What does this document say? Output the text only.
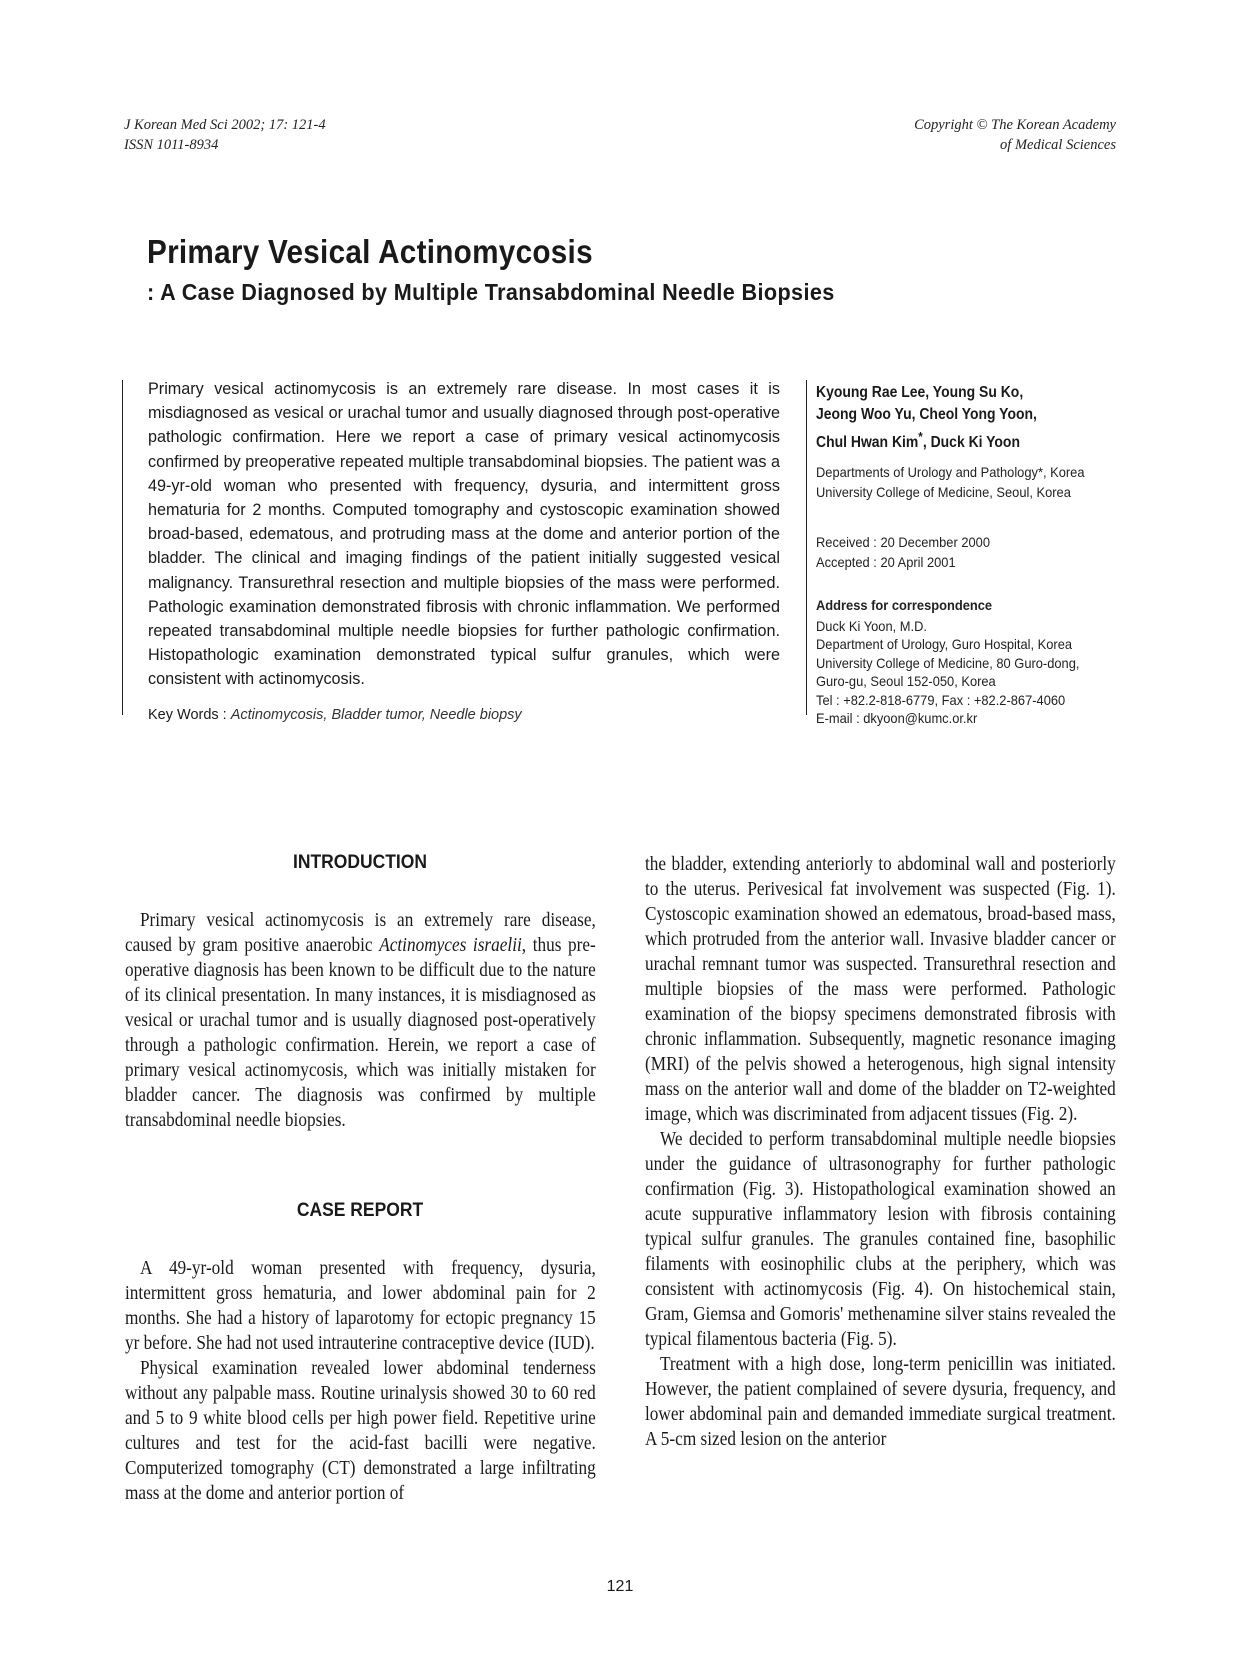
J Korean Med Sci 2002; 17: 121-4
ISSN 1011-8934
Copyright © The Korean Academy
of Medical Sciences
Primary Vesical Actinomycosis
: A Case Diagnosed by Multiple Transabdominal Needle Biopsies

Primary vesical actinomycosis is an extremely rare disease. In most cases it is misdiagnosed as vesical or urachal tumor and usually diagnosed through post-operative pathologic confirmation. Here we report a case of primary vesical actinomycosis confirmed by preoperative repeated multiple transabdominal biopsies. The patient was a 49-yr-old woman who presented with frequency, dysuria, and intermittent gross hematuria for 2 months. Computed tomography and cystoscopic examination showed broad-based, edematous, and protruding mass at the dome and anterior portion of the bladder. The clinical and imaging findings of the patient initially suggested vesical malignancy. Transurethral resection and multiple biopsies of the mass were performed. Pathologic examination demonstrated fibrosis with chronic inflammation. We performed repeated transabdominal multiple needle biopsies for further pathologic confirmation. Histopathologic examination demonstrated typical sulfur granules, which were consistent with actinomycosis.

Key Words : Actinomycosis, Bladder tumor, Needle biopsy
Kyoung Rae Lee, Young Su Ko,
Jeong Woo Yu, Cheol Yong Yoon,
Chul Hwan Kim*, Duck Ki Yoon
Departments of Urology and Pathology*, Korea
University College of Medicine, Seoul, Korea
Received : 20 December 2000
Accepted : 20 April 2001
Address for correspondence
Duck Ki Yoon, M.D.
Department of Urology, Guro Hospital, Korea
University College of Medicine, 80 Guro-dong,
Guro-gu, Seoul 152-050, Korea
Tel : +82.2-818-6779, Fax : +82.2-867-4060
E-mail : dkyoon@kumc.or.kr
INTRODUCTION

Primary vesical actinomycosis is an extremely rare disease, caused by gram positive anaerobic Actinomyces israelii, thus pre-operative diagnosis has been known to be difficult due to the nature of its clinical presentation. In many instances, it is misdiagnosed as vesical or urachal tumor and is usually diagnosed post-operatively through a pathologic confirmation. Herein, we report a case of primary vesical actinomycosis, which was initially mistaken for bladder cancer. The diagnosis was confirmed by multiple transabdominal needle biopsies.

CASE REPORT

A 49-yr-old woman presented with frequency, dysuria, intermittent gross hematuria, and lower abdominal pain for 2 months. She had a history of laparotomy for ectopic pregnancy 15 yr before. She had not used intrauterine contraceptive device (IUD).

Physical examination revealed lower abdominal tenderness without any palpable mass. Routine urinalysis showed 30 to 60 red and 5 to 9 white blood cells per high power field. Repetitive urine cultures and test for the acid-fast bacilli were negative. Computerized tomography (CT) demonstrated a large infiltrating mass at the dome and anterior portion of

the bladder, extending anteriorly to abdominal wall and posteriorly to the uterus. Perivesical fat involvement was suspected (Fig. 1). Cystoscopic examination showed an edematous, broad-based mass, which protruded from the anterior wall. Invasive bladder cancer or urachal remnant tumor was suspected. Transurethral resection and multiple biopsies of the mass were performed. Pathologic examination of the biopsy specimens demonstrated fibrosis with chronic inflammation. Subsequently, magnetic resonance imaging (MRI) of the pelvis showed a heterogenous, high signal intensity mass on the anterior wall and dome of the bladder on T2-weighted image, which was discriminated from adjacent tissues (Fig. 2).

We decided to perform transabdominal multiple needle biopsies under the guidance of ultrasonography for further pathologic confirmation (Fig. 3). Histopathological examination showed an acute suppurative inflammatory lesion with fibrosis containing typical sulfur granules. The granules contained fine, basophilic filaments with eosinophilic clubs at the periphery, which was consistent with actinomycosis (Fig. 4). On histochemical stain, Gram, Giemsa and Gomoris' methenamine silver stains revealed the typical filamentous bacteria (Fig. 5).

Treatment with a high dose, long-term penicillin was initiated. However, the patient complained of severe dysuria, frequency, and lower abdominal pain and demanded immediate surgical treatment. A 5-cm sized lesion on the anterior

121
